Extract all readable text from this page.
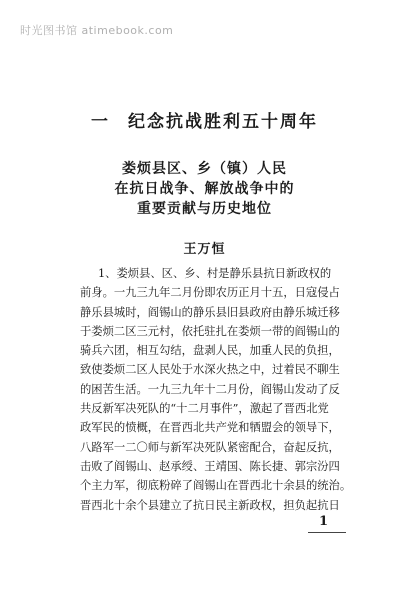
时光图书馆 atimebook.com
一 纪念抗战胜利五十周年
娄烦县区、乡（镇）人民
在抗日战争、解放战争中的
重要贡献与历史地位
王万恒
1、娄烦县、区、乡、村是静乐县抗日新政权的
前身。一九三九年二月份即农历正月十五，日寇侵占
静乐县城时，阎锡山的静乐县旧县政府由静乐城迁移
于娄烦二区三元村，依托驻扎在娄烦一带的阎锡山的
骑兵六团，相互勾结，盘剥人民，加重人民的负担，
致使娄烦二区人民处于水深火热之中，过着民不聊生
的困苦生活。一九三九年十二月份，阎锡山发动了反
共反新军决死队的“十二月事件”，激起了晋西北党
政军民的愤概，在晋西北共产党和牺盟会的领导下，
八路军一二〇师与新军决死队紧密配合，奋起反抗，
击败了阎锡山、赵承绶、王靖国、陈长捷、郭宗汾四
个主力军，彻底粉碎了阎锡山在晋西北十余县的统治。
晋西北十余个县建立了抗日民主新政权，担负起抗日
1
